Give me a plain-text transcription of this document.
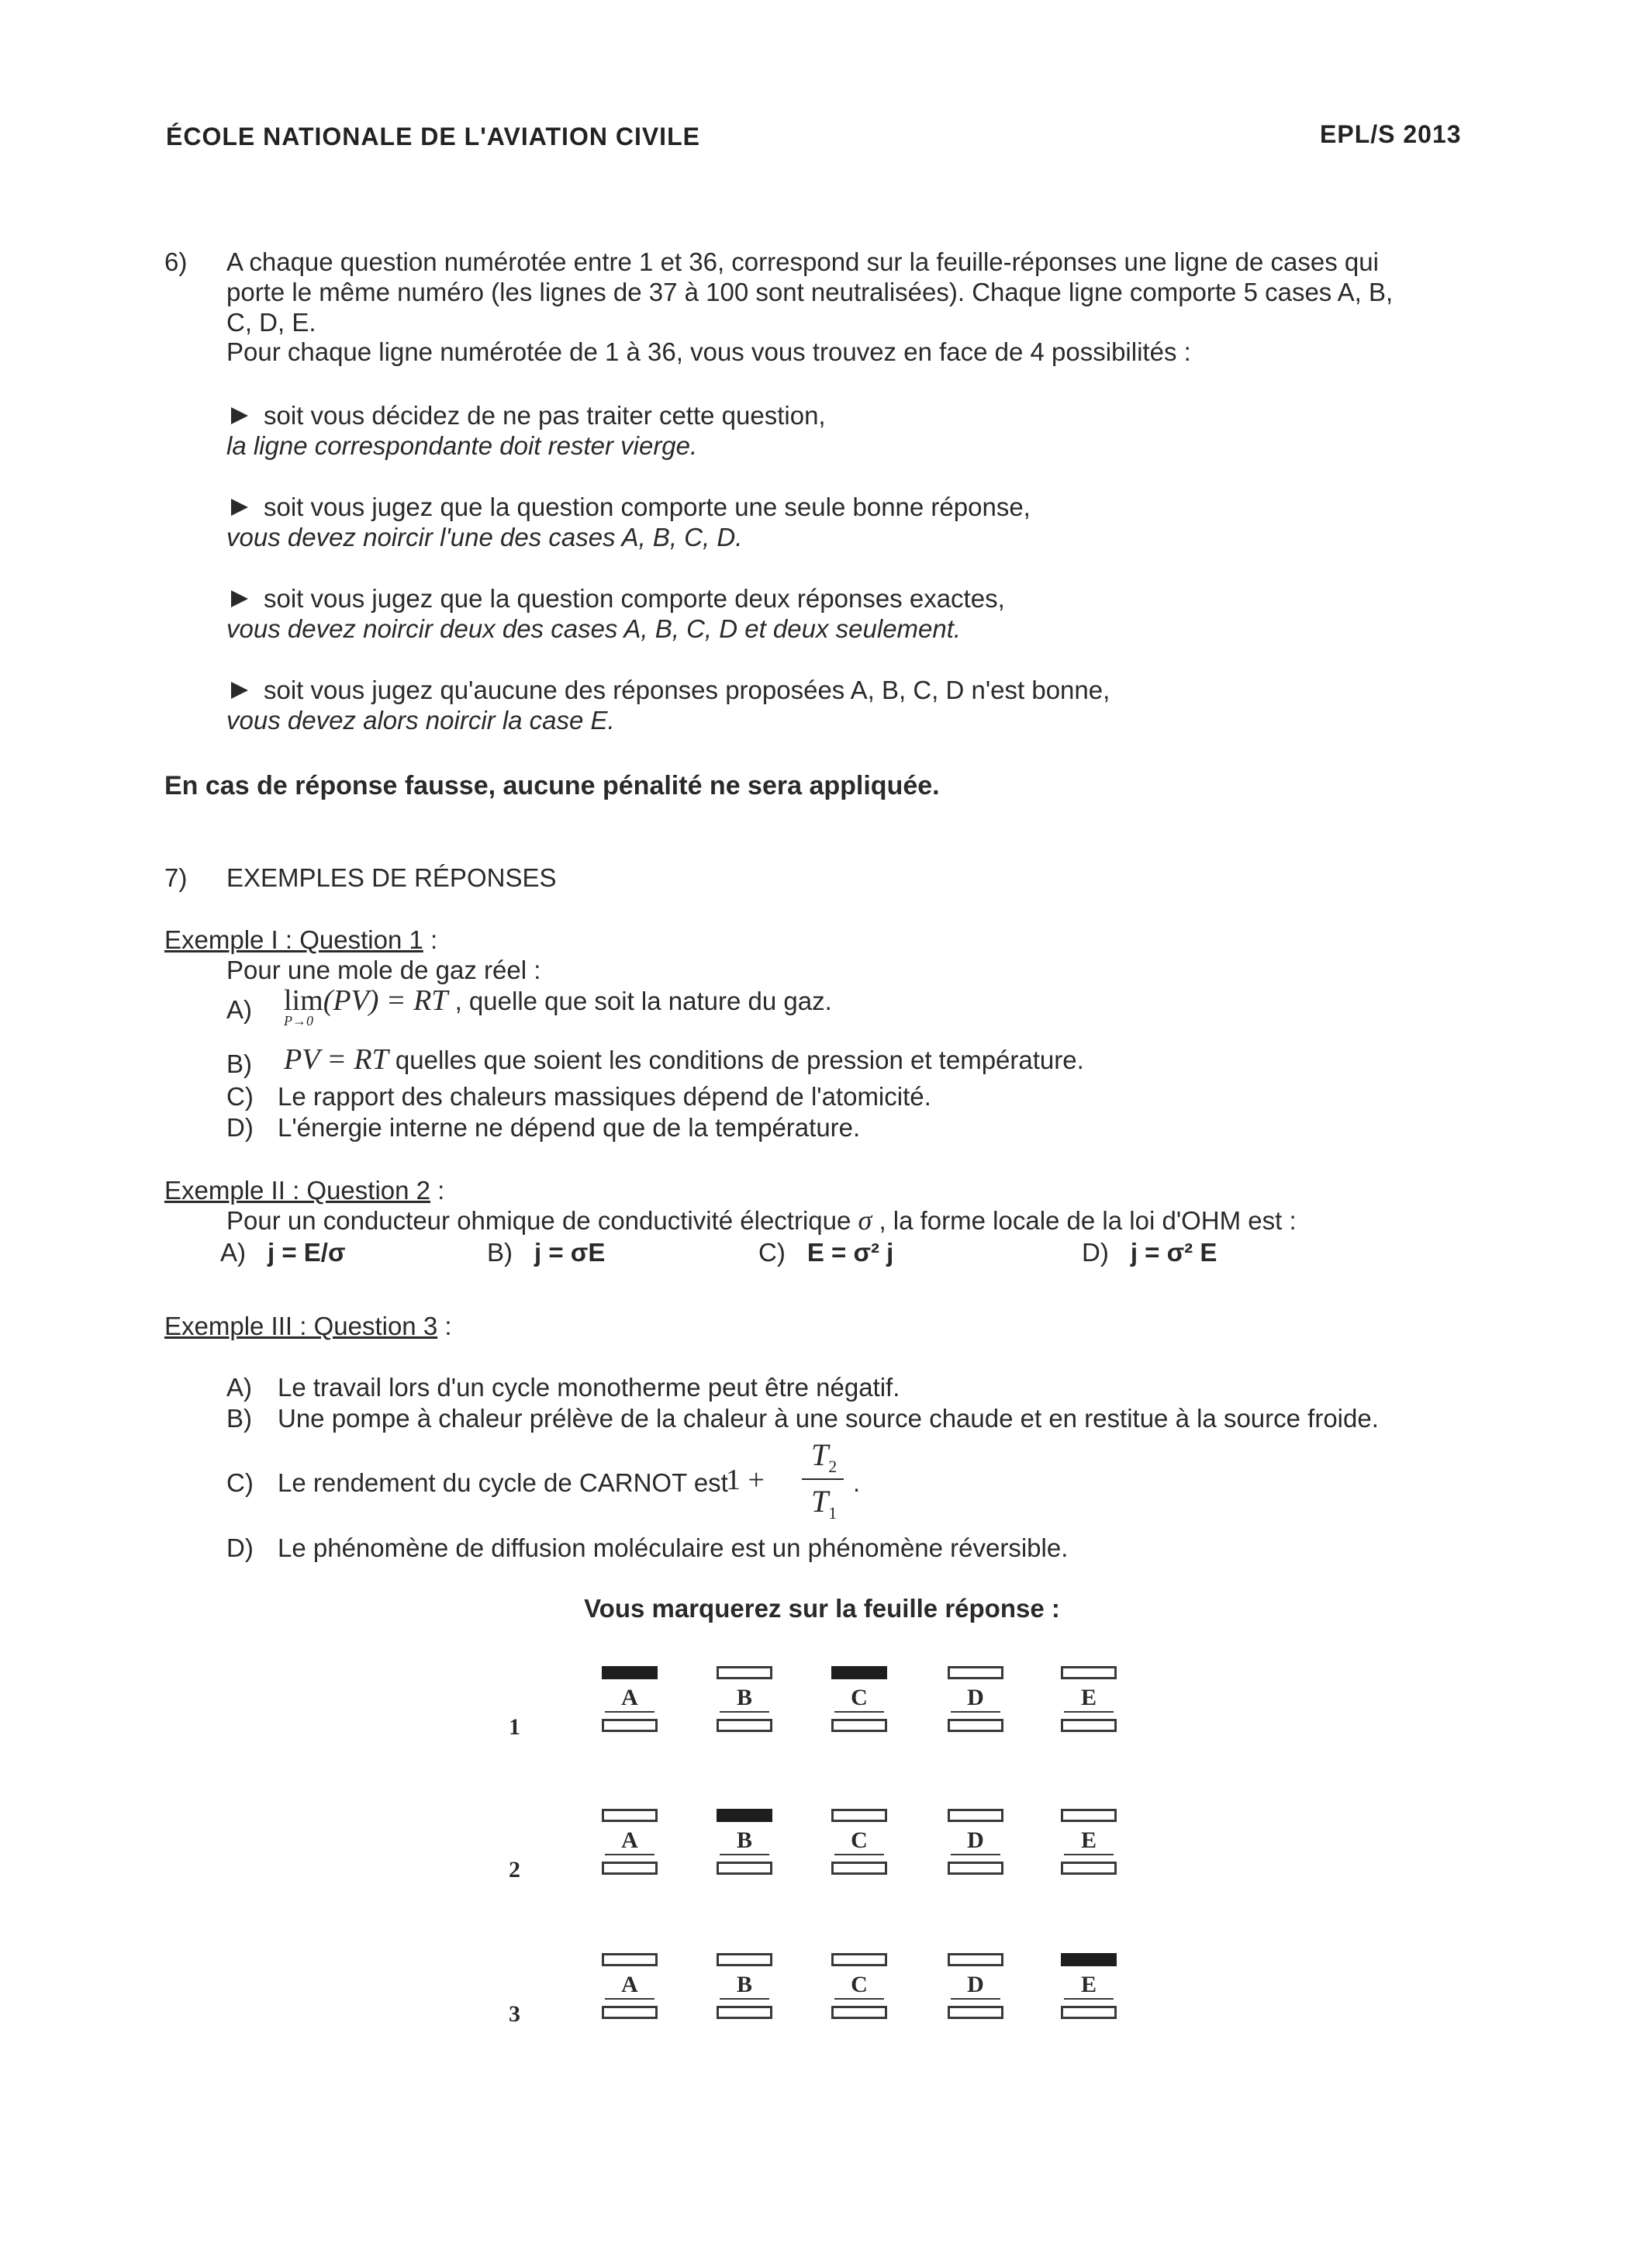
ÉCOLE NATIONALE DE L'AVIATION CIVILE	EPL/S 2013
6) A chaque question numérotée entre 1 et 36, correspond sur la feuille-réponses une ligne de cases qui
porte le même numéro (les lignes de 37 à 100 sont neutralisées). Chaque ligne comporte 5 cases A, B,
C, D, E.
Pour chaque ligne numérotée de 1 à 36, vous vous trouvez en face de 4 possibilités :
soit vous décidez de ne pas traiter cette question,
la ligne correspondante doit rester vierge.
soit vous jugez que la question comporte une seule bonne réponse,
vous devez noircir l'une des cases A, B, C, D.
soit vous jugez que la question comporte deux réponses exactes,
vous devez noircir deux des cases A, B, C, D et deux seulement.
soit vous jugez qu'aucune des réponses proposées A, B, C, D n'est bonne,
vous devez alors noircir la case E.
En cas de réponse fausse, aucune pénalité ne sera appliquée.
7) EXEMPLES DE RÉPONSES
Exemple I : Question 1 :
Pour une mole de gaz réel :
A) lim
P→0
(PV) = RT , quelle que soit la nature du gaz.
B) PV = RT quelles que soient les conditions de pression et température.
C) Le rapport des chaleurs massiques dépend de l'atomicité.
D) L'énergie interne ne dépend que de la température.
Exemple II : Question 2 :
Pour un conducteur ohmique de conductivité électrique σ , la forme locale de la loi d'OHM est :
A) j = E/σ	B) j = σE	C) E = σ² j	D) j = σ² E
Exemple III : Question 3 :
A) Le travail lors d'un cycle monotherme peut être négatif.
B) Une pompe à chaleur prélève de la chaleur à une source chaude et en restitue à la source froide.
C) Le rendement du cycle de CARNOT est
$1 + \frac{T_2}{T_1}$ .
D) Le phénomène de diffusion moléculaire est un phénomène réversible.
Vous marquerez sur la feuille réponse :
1
A	B	C	D	E
2
A	B	C	D	E
3
A	B	C	D	E
